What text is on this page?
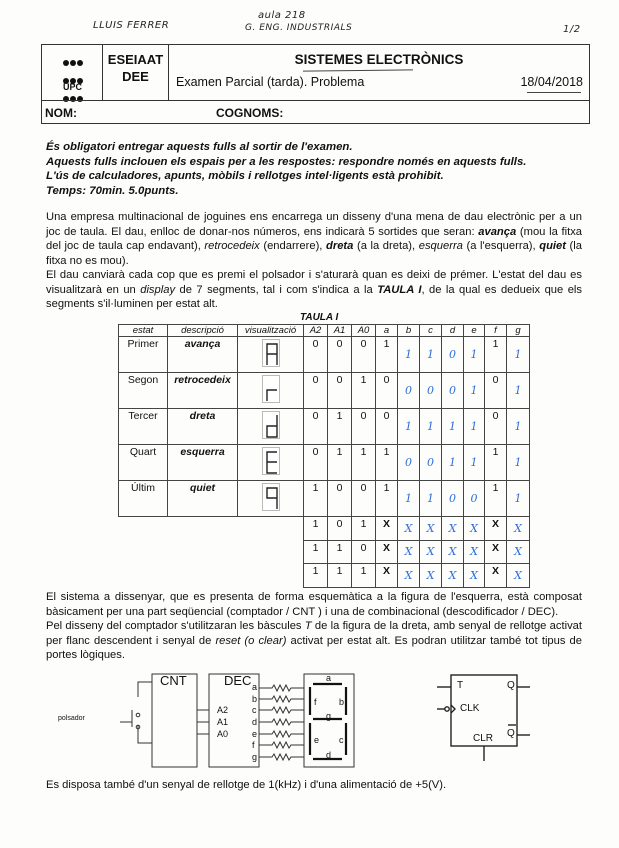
LLUIS FERRER
aula 218
G. ENG. INDUSTRIALS	1/2

UPC
ESEIAAT
DEE
SISTEMES ELECTRÒNICS
Examen Parcial (tarda). Problema	18/04/2018
NOM:	COGNOMS:
És obligatori entregar aquests fulls al sortir de l'examen.
Aquests fulls inclouen els espais per a les respostes: respondre només en aquests fulls.
L'ús de calculadores, apunts, mòbils i rellotges intel·ligents està prohibit.
Temps: 70min. 5.0punts.
Una empresa multinacional de joguines ens encarrega un disseny d'una mena de dau electrònic per a un joc de taula. El dau, enlloc de donar-nos números, ens indicarà 5 sortides que seran: avança (mou la fitxa del joc de taula cap endavant), retrocedeix (endarrere), dreta (a la dreta), esquerra (a l'esquerra), quiet (la fitxa no es mou).
El dau canviarà cada cop que es premi el polsador i s'aturarà quan es deixi de prémer. L'estat del dau es visualitzarà en un display de 7 segments, tal i com s'indica a la TAULA I, de la qual es dedueix que els segments s'il·luminen per estat alt.
TAULA I
estat	descripció	visualització	A2	A1	A0	a	b	c	d	e	f	g
Primer	avança		0	0	0	1	1	1	0	1	1	1
Segon	retrocedeix		0	0	1	0	0	0	0	1	0	1
Tercer	dreta		0	1	0	0	1	1	1	1	0	1
Quart	esquerra		0	1	1	1	0	0	1	1	1	1
Últim	quiet		1	0	0	1	1	1	0	0	1	1
			1	0	1	X	X	X	X	X	X	X
			1	1	0	X	X	X	X	X	X	X
			1	1	1	X	X	X	X	X	X	X
El sistema a dissenyar, que es presenta de forma esquemàtica a la figura de l'esquerra, està composat bàsicament per una part seqüencial (comptador / CNT ) i una de combinacional (descodificador / DEC).
Pel disseny del comptador s'utilitzaran les bàscules T de la figura de la dreta, amb senyal de rellotge activat per flanc descendent i senyal de reset (o clear) activat per estat alt. Es podran utilitzar també tot tipus de portes lògiques.
polsador
CNT	DEC
A2
A1
A0
a
b
c
d
e
f
g
a
b
c
d
e
f
g
T
CLK
CLR
Q
Q
Es disposa també d'un senyal de rellotge de 1(kHz) i d'una alimentació de +5(V).
